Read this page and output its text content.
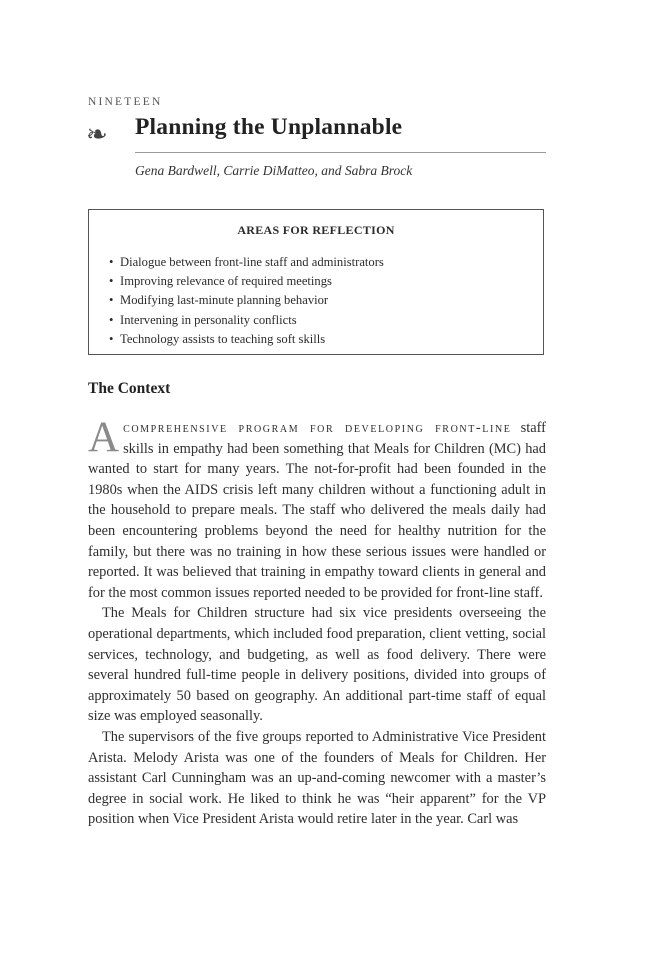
NINETEEN
❧ Planning the Unplannable
Gena Bardwell, Carrie DiMatteo, and Sabra Brock
AREAS FOR REFLECTION
• Dialogue between front-line staff and administrators
• Improving relevance of required meetings
• Modifying last-minute planning behavior
• Intervening in personality conflicts
• Technology assists to teaching soft skills
The Context

Acomprehensive program for developing front-line staff skills in empathy had been something that Meals for Children (MC) had wanted to start for many years. The not-for-profit had been founded in the 1980s when the AIDS crisis left many children without a functioning adult in the household to prepare meals. The staff who delivered the meals daily had been encountering problems beyond the need for healthy nutrition for the family, but there was no training in how these serious issues were handled or reported. It was believed that training in empathy toward clients in general and for the most common issues reported needed to be provided for front-line staff.

The Meals for Children structure had six vice presidents overseeing the operational departments, which included food preparation, client vetting, social services, technology, and budgeting, as well as food delivery. There were several hundred full-time people in delivery positions, divided into groups of approximately 50 based on geography. An additional part-time staff of equal size was employed seasonally.

The supervisors of the five groups reported to Administrative Vice President Arista. Melody Arista was one of the founders of Meals for Children. Her assistant Carl Cunningham was an up-and-coming newcomer with a master’s degree in social work. He liked to think he was “heir apparent” for the VP position when Vice President Arista would retire later in the year. Carl was
